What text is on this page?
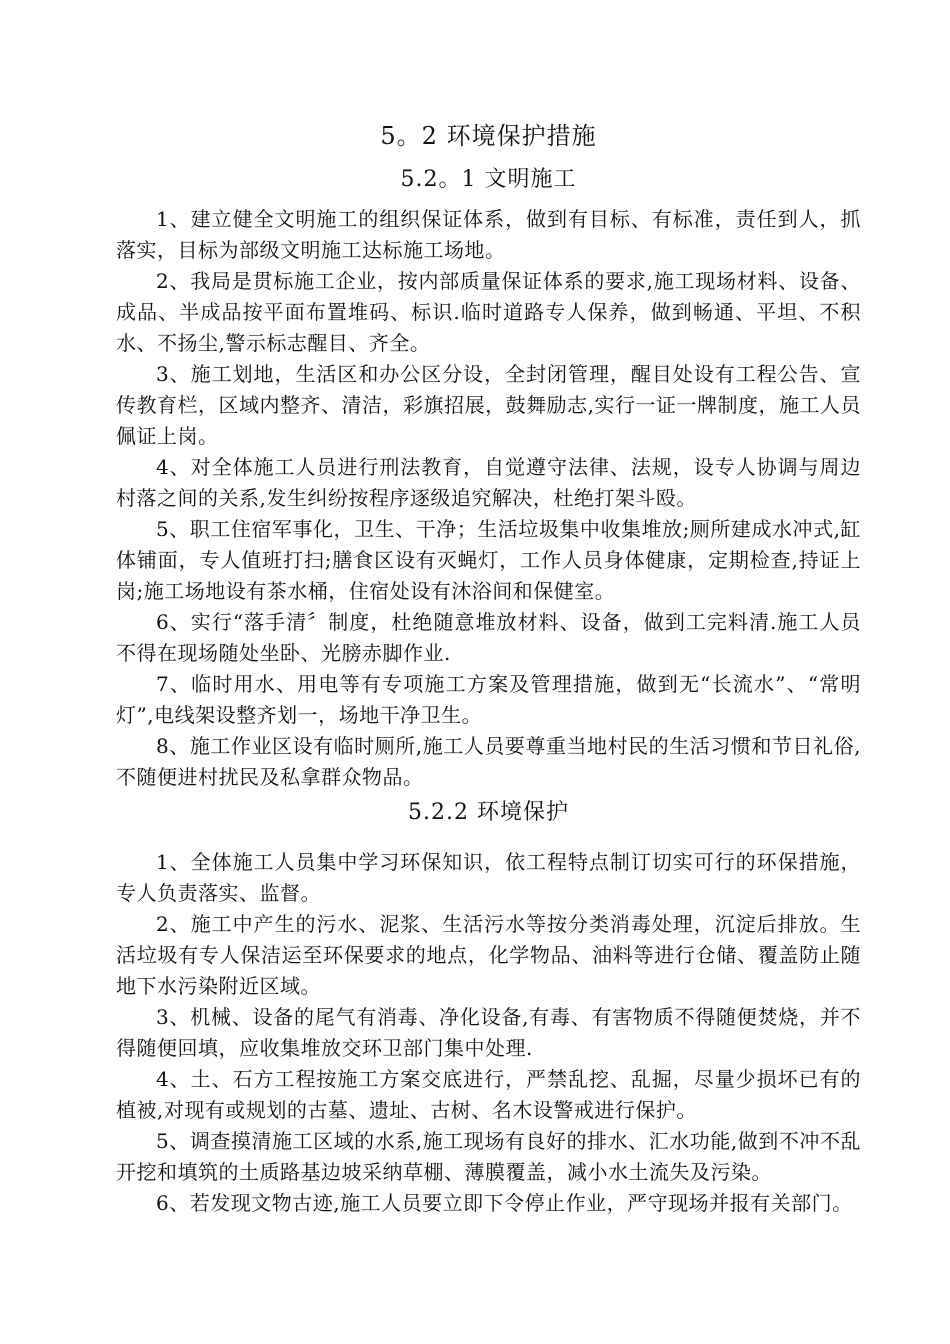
5。2 环境保护措施
5.2。1 文明施工

1、建立健全文明施工的组织保证体系，做到有目标、有标准，责任到人，抓落实，目标为部级文明施工达标施工场地。

2、我局是贯标施工企业，按内部质量保证体系的要求,施工现场材料、设备、成品、半成品按平面布置堆码、标识.临时道路专人保养，做到畅通、平坦、不积水、不扬尘,警示标志醒目、齐全。

3、施工划地，生活区和办公区分设，全封闭管理，醒目处设有工程公告、宣传教育栏，区域内整齐、清洁，彩旗招展，鼓舞励志,实行一证一牌制度，施工人员佩证上岗。

4、对全体施工人员进行刑法教育，自觉遵守法律、法规，设专人协调与周边村落之间的关系,发生纠纷按程序逐级追究解决，杜绝打架斗殴。

5、职工住宿军事化，卫生、干净；生活垃圾集中收集堆放;厕所建成水冲式,缸体铺面，专人值班打扫;膳食区设有灭蝇灯，工作人员身体健康，定期检查,持证上岗;施工场地设有茶水桶，住宿处设有沐浴间和保健室。

6、实行“落手清〞制度，杜绝随意堆放材料、设备，做到工完料清.施工人员不得在现场随处坐卧、光膀赤脚作业.

7、临时用水、用电等有专项施工方案及管理措施，做到无“长流水”、“常明灯”,电线架设整齐划一，场地干净卫生。

8、施工作业区设有临时厕所,施工人员要尊重当地村民的生活习惯和节日礼俗,不随便进村扰民及私拿群众物品。

5.2.2 环境保护

1、全体施工人员集中学习环保知识，依工程特点制订切实可行的环保措施，专人负责落实、监督。

2、施工中产生的污水、泥浆、生活污水等按分类消毒处理，沉淀后排放。生活垃圾有专人保洁运至环保要求的地点，化学物品、油料等进行仓储、覆盖防止随地下水污染附近区域。

3、机械、设备的尾气有消毒、净化设备,有毒、有害物质不得随便焚烧，并不得随便回填，应收集堆放交环卫部门集中处理.

4、土、石方工程按施工方案交底进行，严禁乱挖、乱掘，尽量少损坏已有的植被,对现有或规划的古墓、遗址、古树、名木设警戒进行保护。

5、调查摸清施工区域的水系,施工现场有良好的排水、汇水功能,做到不冲不乱开挖和填筑的土质路基边坡采纳草棚、薄膜覆盖，减小水土流失及污染。

6、若发现文物古迹,施工人员要立即下令停止作业，严守现场并报有关部门。
